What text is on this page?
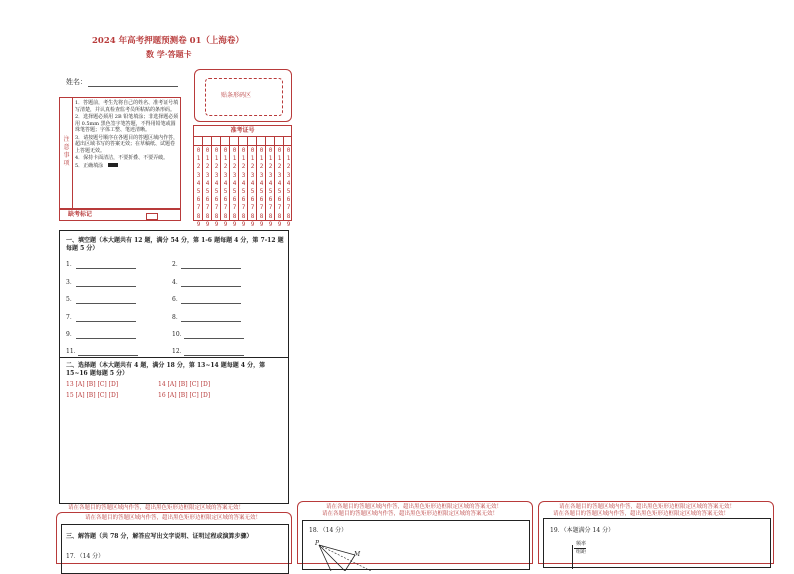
2024 年高考押题预测卷 01（上海卷）
数 学·答题卡
姓名：
贴条形码区
注 意 事 项
1．答题前，考生先将自己的姓名、准考证号填写清楚，并认真检查监考员所粘贴的条形码。
2．选择题必须用 2B 铅笔填涂；非选择题必须用 0.5mm 黑色签字笔答题，不得用铅笔或圆珠笔答题；字体工整、笔迹清晰。
3．请按题号顺序在各题目的答题区域内作答，超出区域书写的答案无效；在草稿纸、试题卷上答题无效。
4．保持卡面清洁，不要折叠、不要弄破。
5．正确填涂
缺考标记
准考证号
0
1
2
3
4
5
6
7
8
9
0
1
2
3
4
5
6
7
8
9
0
1
2
3
4
5
6
7
8
9
0
1
2
3
4
5
6
7
8
9
0
1
2
3
4
5
6
7
8
9
0
1
2
3
4
5
6
7
8
9
0
1
2
3
4
5
6
7
8
9
0
1
2
3
4
5
6
7
8
9
0
1
2
3
4
5
6
7
8
9
0
1
2
3
4
5
6
7
8
9
0
1
2
3
4
5
6
7
8
9
一、填空题（本大题共有 12 题，满分 54 分，第 1-6 题每题 4 分，第 7-12 题每题 5 分）
1．	2．
3．	4．
5．	6．
7．	8．
9．	10．
11．	12．
二、选择题（本大题共有 4 题，满分 18 分，第 13~14 题每题 4 分，第 15~16 题每题 5 分）
13 [A] [B] [C] [D]	14 [A] [B] [C] [D]
15 [A] [B] [C] [D]	16 [A] [B] [C] [D]
请在各题目的答题区域内作答，超出黑色矩形边框限定区域的答案无效！
请在各题目的答题区域内作答，超出黑色矩形边框限定区域的答案无效！
三、解答题（共 78 分，解答应写出文字说明、证明过程或演算步骤）
17．（14 分）
请在各题目的答题区域内作答，超出黑色矩形边框限定区域的答案无效！
请在各题目的答题区域内作答，超出黑色矩形边框限定区域的答案无效！
18．（14 分）
P
M
请在各题目的答题区域内作答，超出黑色矩形边框限定区域的答案无效！
请在各题目的答题区域内作答，超出黑色矩形边框限定区域的答案无效！
19．（本题满分 14 分）
频率
组距
